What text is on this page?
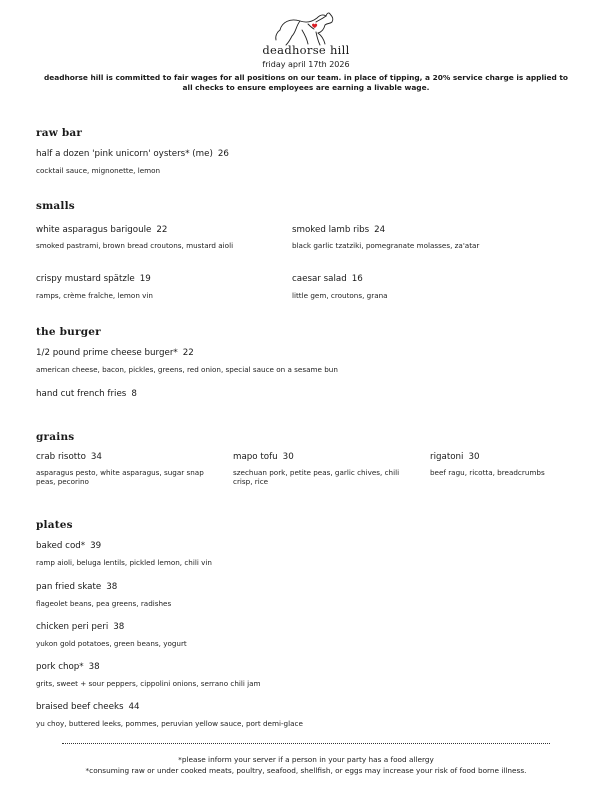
deadhorse hill
friday april 17th 2026
deadhorse hill is committed to fair wages for all positions on our team. in place of tipping, a 20% service charge is applied to
all checks to ensure employees are earning a livable wage.
raw bar
half a dozen 'pink unicorn' oysters* (me) 26
cocktail sauce, mignonette, lemon
smalls
white asparagus barigoule 22
smoked pastrami, brown bread croutons, mustard aioli
smoked lamb ribs 24
black garlic tzatziki, pomegranate molasses, za'atar
crispy mustard spätzle 19
ramps, crème fraîche, lemon vin
caesar salad 16
little gem, croutons, grana
the burger
1/2 pound prime cheese burger* 22
american cheese, bacon, pickles, greens, red onion, special sauce on a sesame bun
hand cut french fries 8
grains
crab risotto 34
asparagus pesto, white asparagus, sugar snap peas, pecorino
mapo tofu 30
szechuan pork, petite peas, garlic chives, chili crisp, rice
rigatoni 30
beef ragu, ricotta, breadcrumbs
plates
baked cod* 39
ramp aioli, beluga lentils, pickled lemon, chili vin
pan fried skate 38
flageolet beans, pea greens, radishes
chicken peri peri 38
yukon gold potatoes, green beans, yogurt
pork chop* 38
grits, sweet + sour peppers, cippolini onions, serrano chili jam
braised beef cheeks 44
yu choy, buttered leeks, pommes, peruvian yellow sauce, port demi-glace
*please inform your server if a person in your party has a food allergy
*consuming raw or under cooked meats, poultry, seafood, shellfish, or eggs may increase your risk of food borne illness.
